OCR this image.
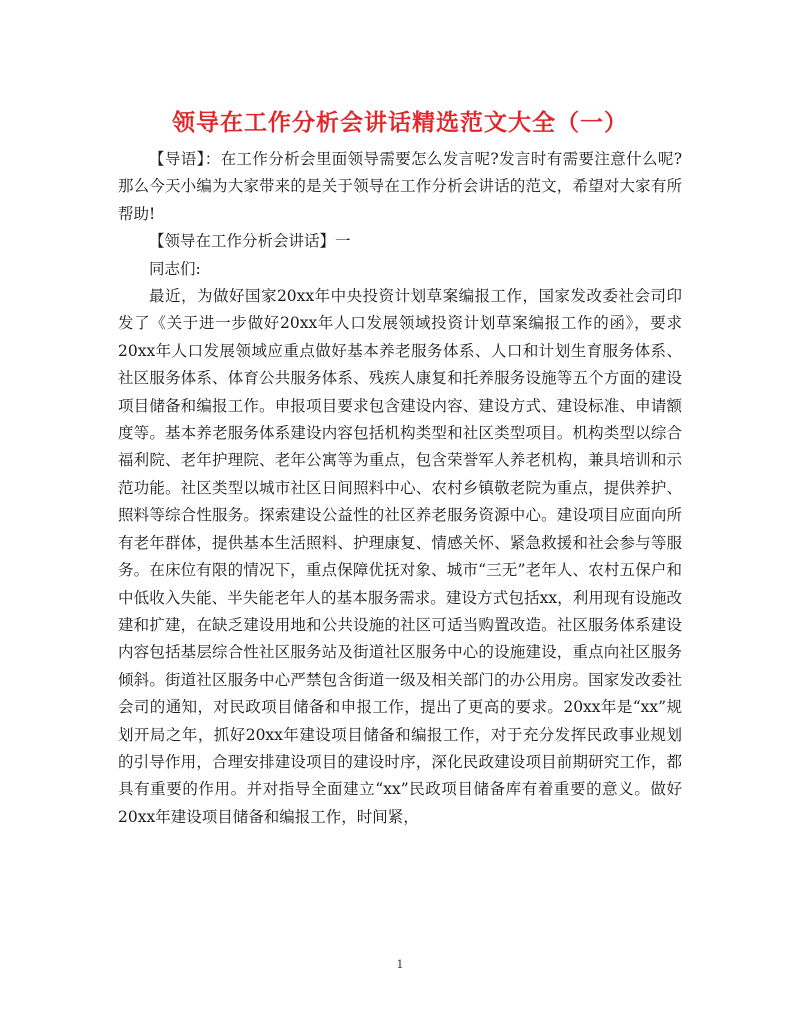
领导在工作分析会讲话精选范文大全（一）

【导语】：在工作分析会里面领导需要怎么发言呢?发言时有需要注意什么呢?那么今天小编为大家带来的是关于领导在工作分析会讲话的范文，希望对大家有所帮助!

【领导在工作分析会讲话】一

同志们:

最近，为做好国家20xx年中央投资计划草案编报工作，国家发改委社会司印发了《关于进一步做好20xx年人口发展领域投资计划草案编报工作的函》，要求20xx年人口发展领域应重点做好基本养老服务体系、人口和计划生育服务体系、社区服务体系、体育公共服务体系、残疾人康复和托养服务设施等五个方面的建设项目储备和编报工作。申报项目要求包含建设内容、建设方式、建设标准、申请额度等。基本养老服务体系建设内容包括机构类型和社区类型项目。机构类型以综合福利院、老年护理院、老年公寓等为重点，包含荣誉军人养老机构，兼具培训和示范功能。社区类型以城市社区日间照料中心、农村乡镇敬老院为重点，提供养护、照料等综合性服务。探索建设公益性的社区养老服务资源中心。建设项目应面向所有老年群体，提供基本生活照料、护理康复、情感关怀、紧急救援和社会参与等服务。在床位有限的情况下，重点保障优抚对象、城市“三无”老年人、农村五保户和中低收入失能、半失能老年人的基本服务需求。建设方式包括xx，利用现有设施改建和扩建，在缺乏建设用地和公共设施的社区可适当购置改造。社区服务体系建设内容包括基层综合性社区服务站及街道社区服务中心的设施建设，重点向社区服务倾斜。街道社区服务中心严禁包含街道一级及相关部门的办公用房。国家发改委社会司的通知，对民政项目储备和申报工作，提出了更高的要求。20xx年是“xx”规划开局之年，抓好20xx年建设项目储备和编报工作，对于充分发挥民政事业规划的引导作用，合理安排建设项目的建设时序，深化民政建设项目前期研究工作，都具有重要的作用。并对指导全面建立“xx”民政项目储备库有着重要的意义。做好20xx年建设项目储备和编报工作，时间紧，

1
